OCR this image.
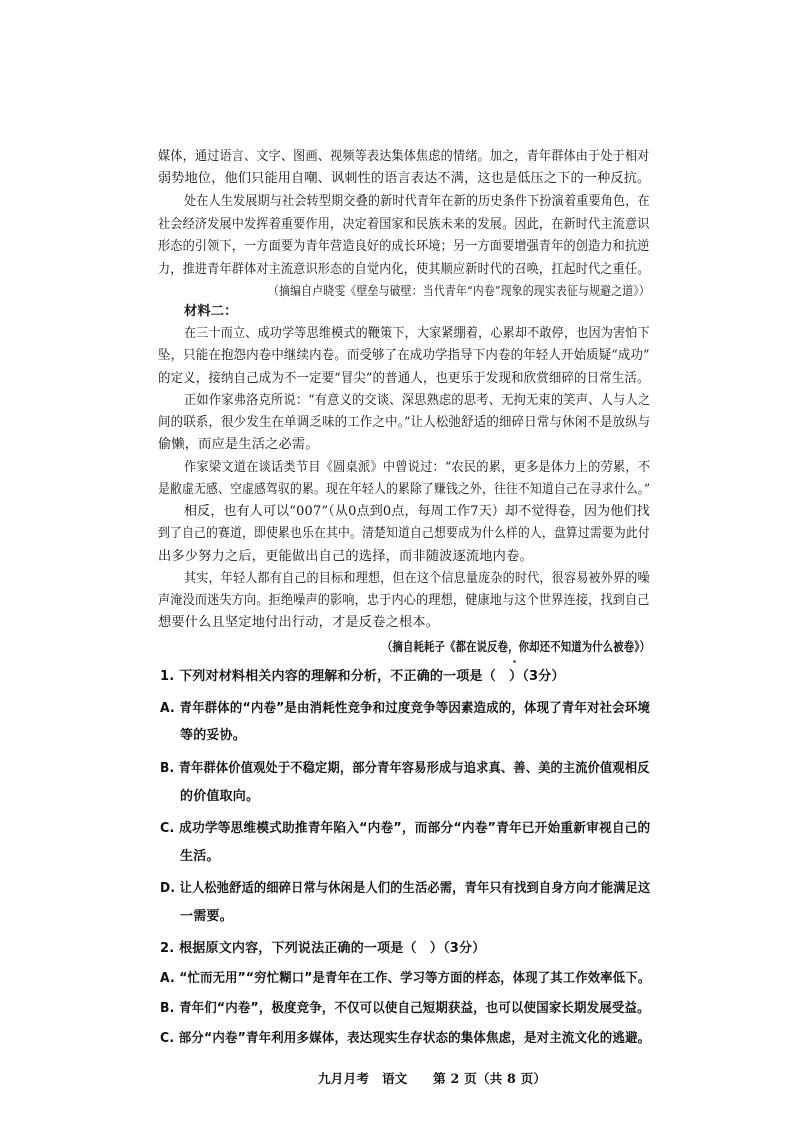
媒体，通过语言、文字、图画、视频等表达集体焦虑的情绪。加之，青年群体由于处于相对
弱势地位，他们只能用自嘲、讽刺性的语言表达不满，这也是低压之下的一种反抗。
处在人生发展期与社会转型期交叠的新时代青年在新的历史条件下扮演着重要角色，在
社会经济发展中发挥着重要作用，决定着国家和民族未来的发展。因此，在新时代主流意识
形态的引领下，一方面要为青年营造良好的成长环境；另一方面要增强青年的创造力和抗逆
力，推进青年群体对主流意识形态的自觉内化，使其顺应新时代的召唤，扛起时代之重任。
（摘编自卢晓雯《壁垒与破壁：当代青年“内卷”现象的现实表征与规避之道》）
材料二：
在三十而立、成功学等思维模式的鞭策下，大家紧绷着，心累却不敢停，也因为害怕下
坠，只能在抱怨内卷中继续内卷。而受够了在成功学指导下内卷的年轻人开始质疑“成功”
的定义，接纳自己成为不一定要“冒尖”的普通人，也更乐于发现和欣赏细碎的日常生活。
正如作家弗洛克所说：“有意义的交谈、深思熟虑的思考、无拘无束的笑声、人与人之
间的联系，很少发生在单调乏味的工作之中。”让人松弛舒适的细碎日常与休闲不是放纵与
偷懒，而应是生活之必需。
作家梁文道在谈话类节目《圆桌派》中曾说过：“农民的累，更多是体力上的劳累，不
是敝虚无感、空虚感驾驭的累。现在年轻人的累除了赚钱之外，往往不知道自己在寻求什么。”
相反，也有人可以“007”（从0点到0点，每周工作7天）却不觉得卷，因为他们找
到了自己的赛道，即使累也乐在其中。清楚知道自己想要成为什么样的人，盘算过需要为此付
出多少努力之后，更能做出自己的选择，而非随波逐流地内卷。
其实，年轻人都有自己的目标和理想，但在这个信息量庞杂的时代，很容易被外界的噪
声淹没而迷失方向。拒绝噪声的影响，忠于内心的理想，健康地与这个世界连接，找到自己
想要什么且坚定地付出行动，才是反卷之根本。
（摘自耗耗子《都在说反卷，你却还不知道为什么被卷》）
1. 下列对材料相关内容的理解和分析，不正确的一项是（　）（3分）
A. 青年群体的“内卷”是由消耗性竞争和过度竞争等因素造成的，体现了青年对社会环境
等的妥协。
B. 青年群体价值观处于不稳定期，部分青年容易形成与追求真、善、美的主流价值观相反
的价值取向。
C. 成功学等思维模式助推青年陷入“内卷”，而部分“内卷”青年已开始重新审视自己的
生活。
D. 让人松弛舒适的细碎日常与休闲是人们的生活必需，青年只有找到自身方向才能满足这
一需要。
2. 根据原文内容，下列说法正确的一项是（　）（3分）
A. “忙而无用”“穷忙糊口”是青年在工作、学习等方面的样态，体现了其工作效率低下。
B. 青年们“内卷”，极度竞争，不仅可以使自己短期获益，也可以使国家长期发展受益。
C. 部分“内卷”青年利用多媒体，表达现实生存状态的集体焦虑，是对主流文化的逃避。
九月月考　语文　　第 2 页（共 8 页）
